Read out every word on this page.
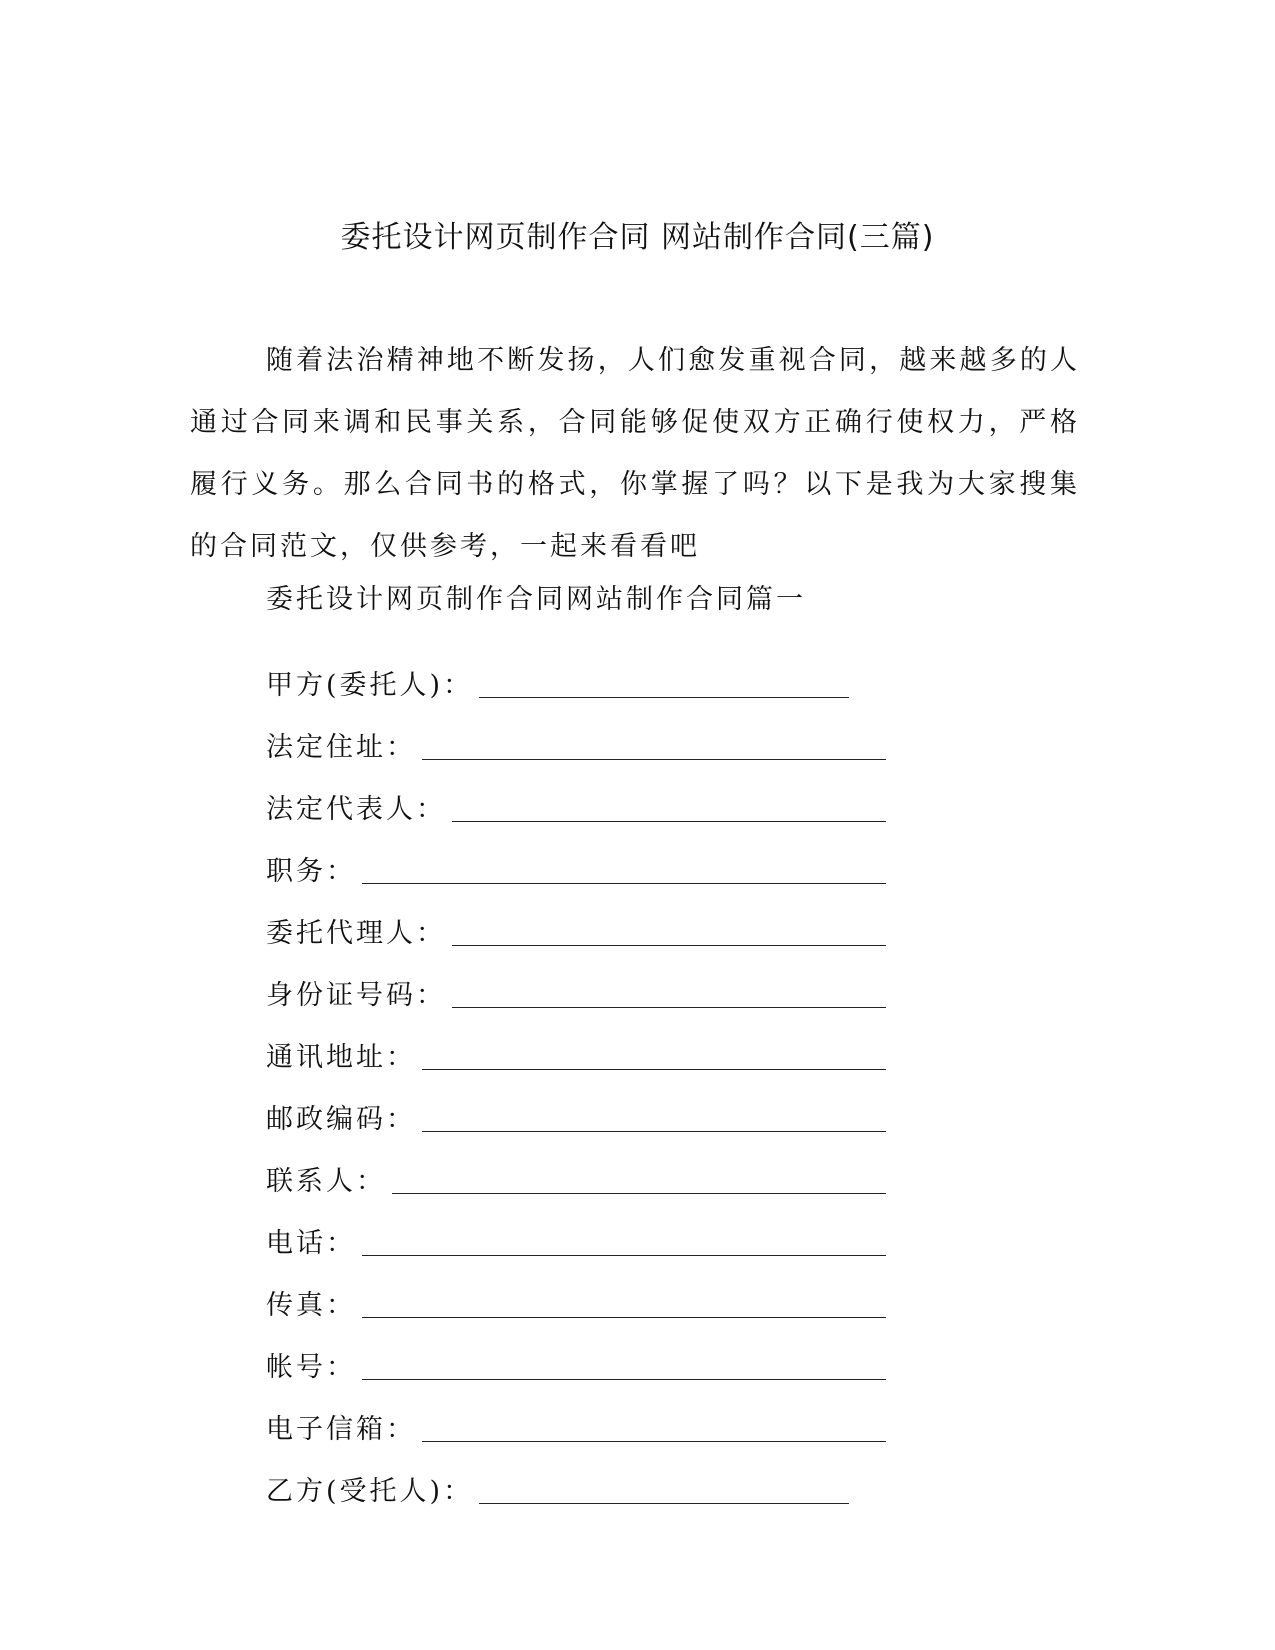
委托设计网页制作合同 网站制作合同(三篇)

随着法治精神地不断发扬，人们愈发重视合同，越来越多的人通过合同来调和民事关系，合同能够促使双方正确行使权力，严格履行义务。那么合同书的格式，你掌握了吗？以下是我为大家搜集的合同范文，仅供参考，一起来看看吧

委托设计网页制作合同网站制作合同篇一
甲方(委托人)：
法定住址：
法定代表人：
职务：
委托代理人：
身份证号码：
通讯地址：
邮政编码：
联系人：
电话：
传真：
帐号：
电子信箱：
乙方(受托人)：
